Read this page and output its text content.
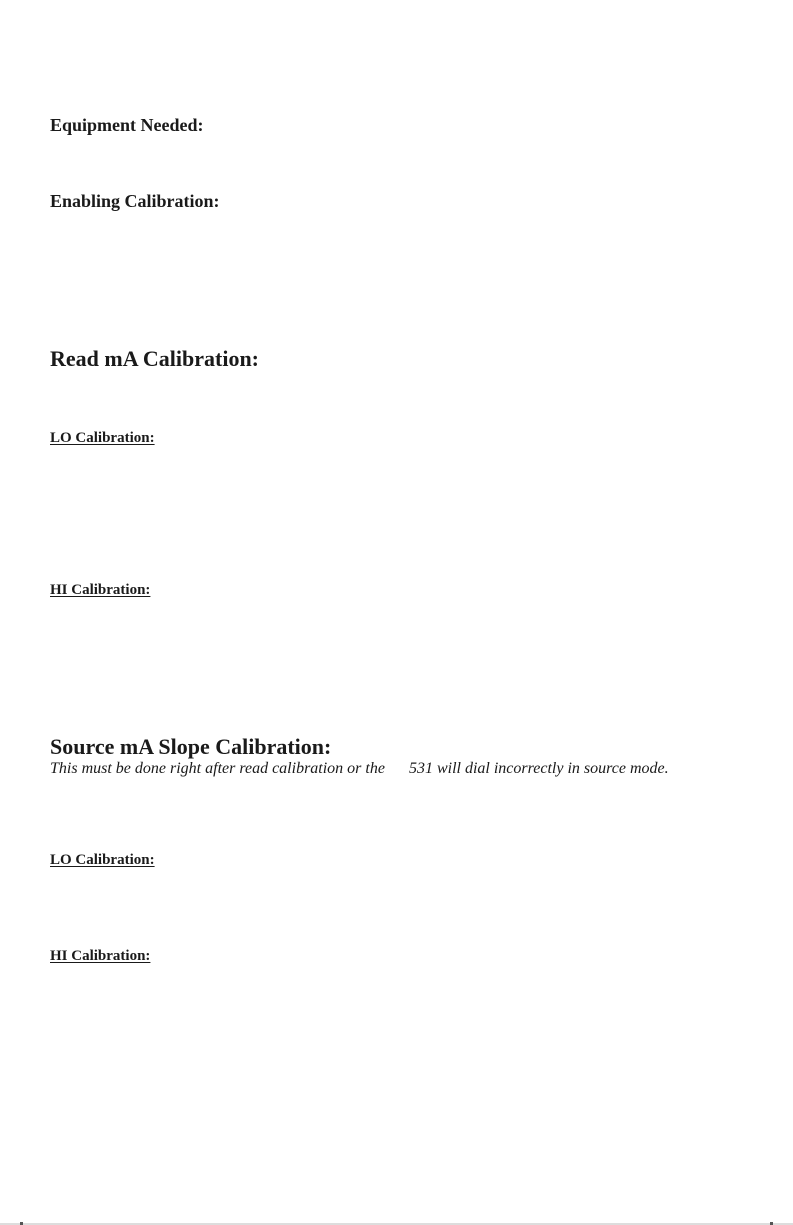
Equipment Needed:
Enabling Calibration:
Read mA Calibration:
LO Calibration:
HI Calibration:
Source mA Slope Calibration:
This must be done right after read calibration or the 531 will dial incorrectly in source mode.
LO Calibration:
HI Calibration:
